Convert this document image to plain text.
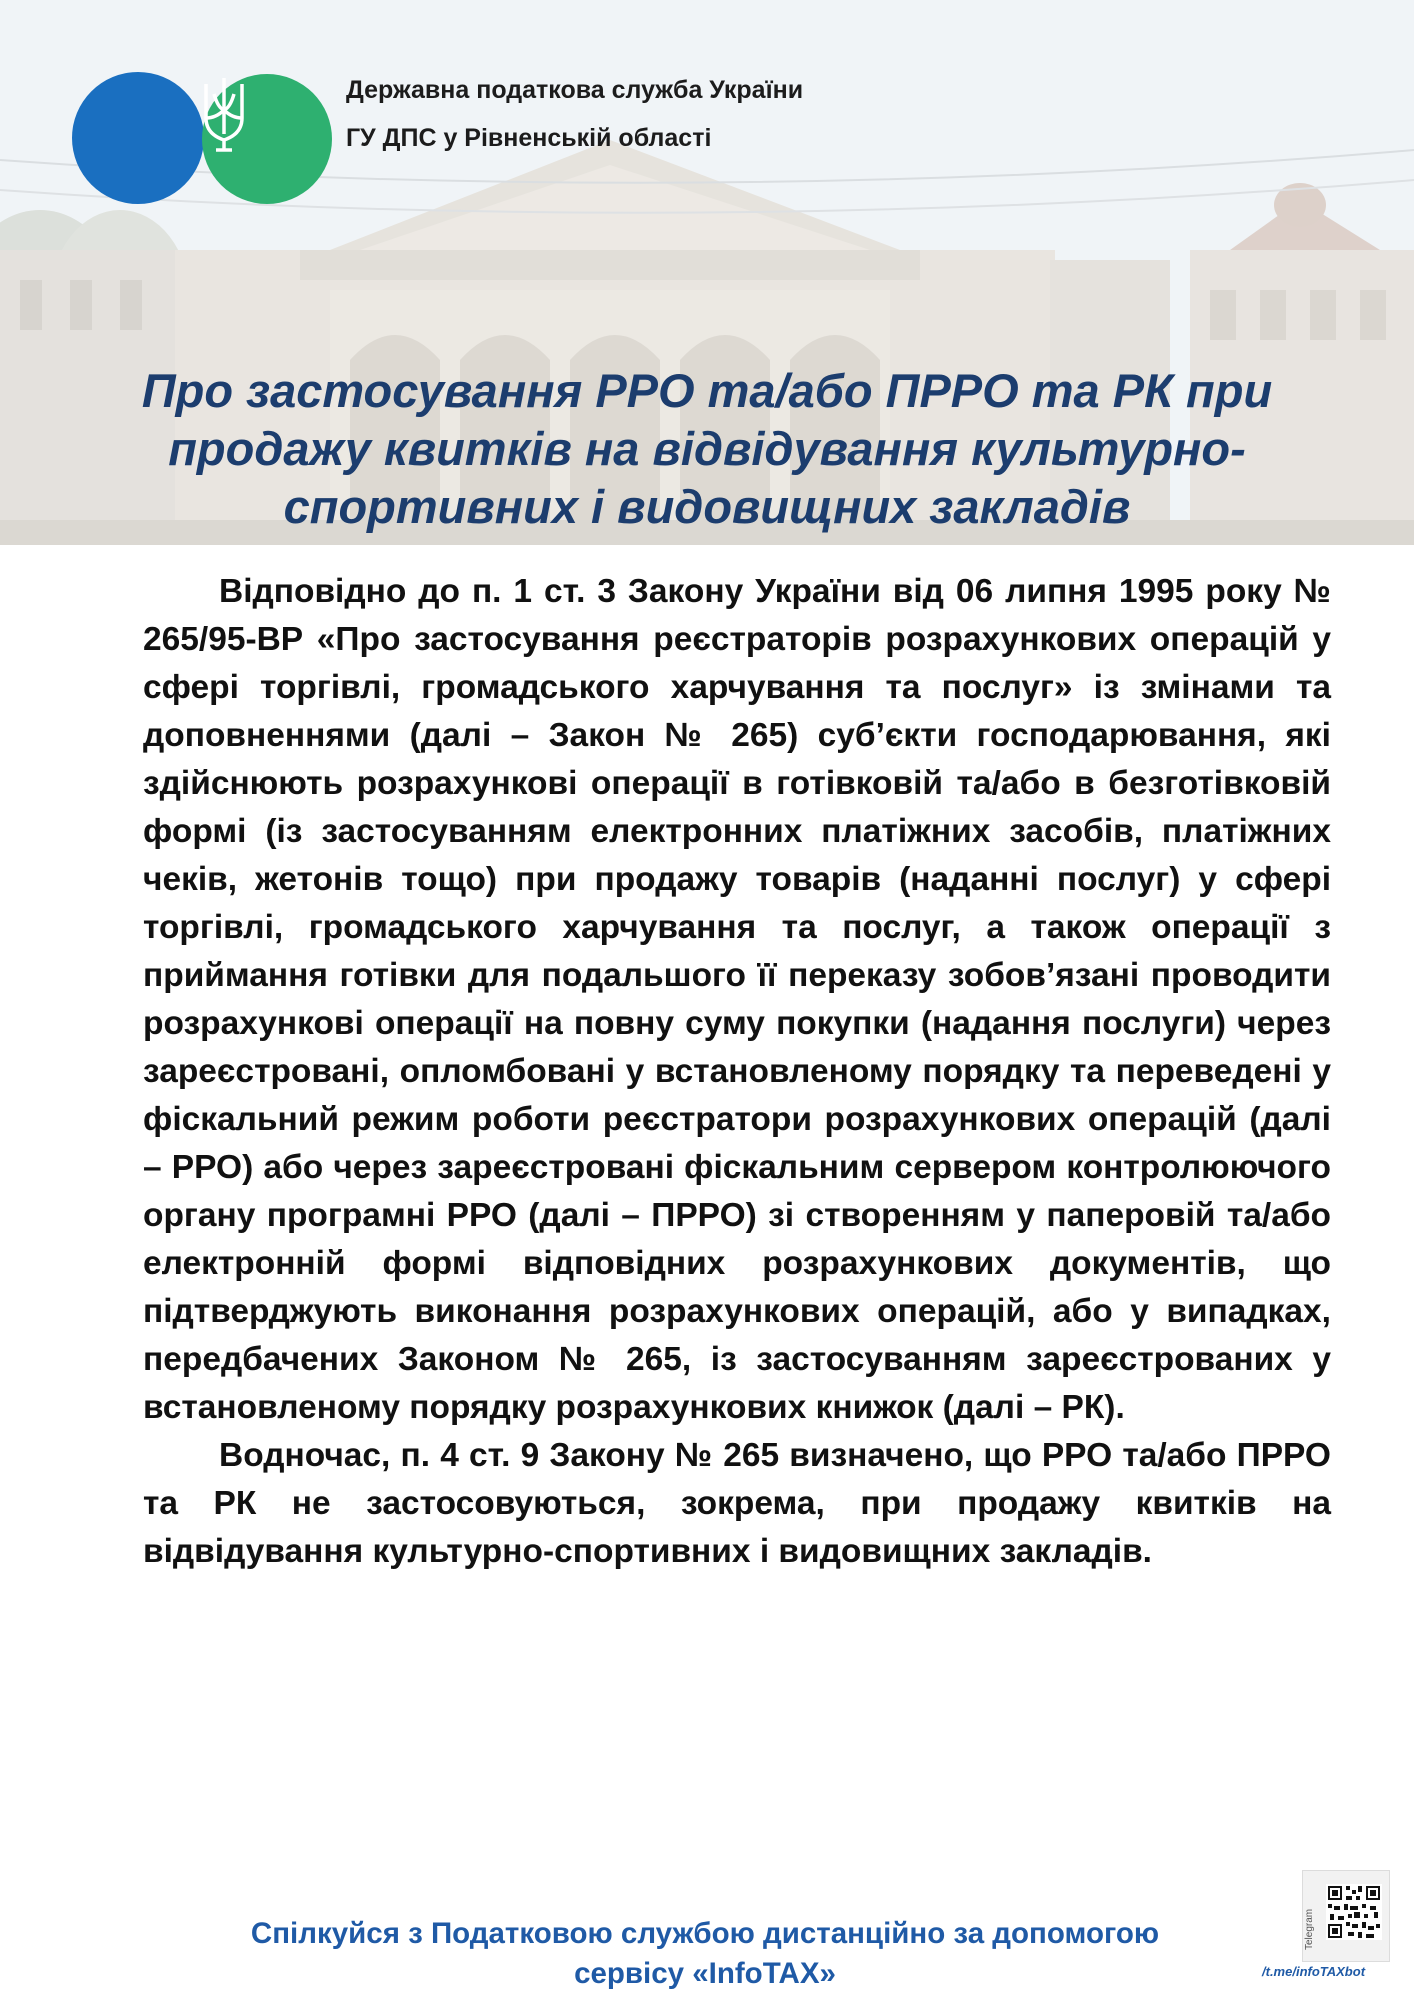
Державна податкова служба України
ГУ ДПС у Рівненській області
Про застосування РРО та/або ПРРО та РК при продажу квитків на відвідування культурно-спортивних і видовищних закладів

Відповідно до п. 1 ст. 3 Закону України від 06 липня 1995 року № 265/95-ВР «Про застосування реєстраторів розрахункових операцій у сфері торгівлі, громадського харчування та послуг» із змінами та доповненнями (далі – Закон № 265) суб’єкти господарювання, які здійснюють розрахункові операції в готівковій та/або в безготівковій формі (із застосуванням електронних платіжних засобів, платіжних чеків, жетонів тощо) при продажу товарів (наданні послуг) у сфері торгівлі, громадського харчування та послуг, а також операції з приймання готівки для подальшого її переказу зобов’язані проводити розрахункові операції на повну суму покупки (надання послуги) через зареєстровані, опломбовані у встановленому порядку та переведені у фіскальний режим роботи реєстратори розрахункових операцій (далі – РРО) або через зареєстровані фіскальним сервером контролюючого органу програмні РРО (далі – ПРРО) зі створенням у паперовій та/або електронній формі відповідних розрахункових документів, що підтверджують виконання розрахункових операцій, або у випадках, передбачених Законом № 265, із застосуванням зареєстрованих у встановленому порядку розрахункових книжок (далі – РК).

Водночас, п. 4 ст. 9 Закону № 265 визначено, що РРО та/або ПРРО та РК не застосовуються, зокрема, при продажу квитків на відвідування культурно-спортивних і видовищних закладів.

Спілкуйся з Податковою службою дистанційно за допомогою
сервісу «InfoTAX»
Telegram
/t.me/infoTAXbot
